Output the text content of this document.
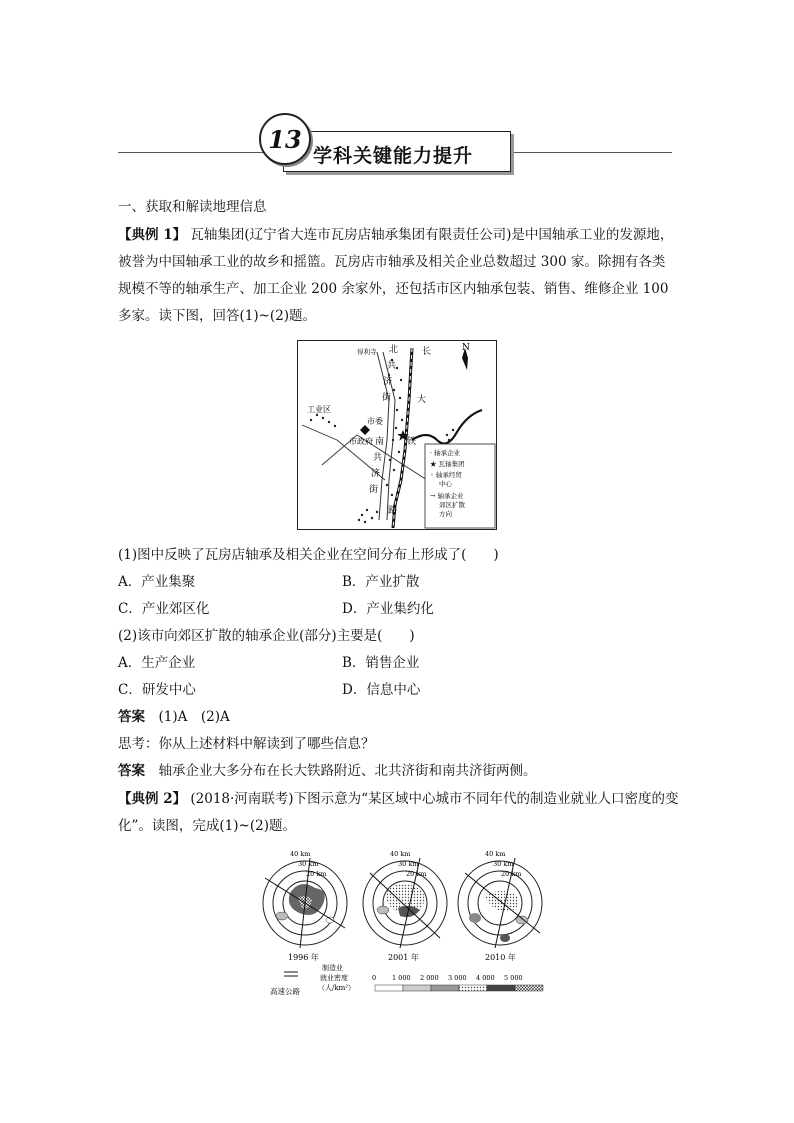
学科关键能力提升
13
一、获取和解读地理信息
【典例 1】 瓦轴集团(辽宁省大连市瓦房店轴承集团有限责任公司)是中国轴承工业的发源地，
被誉为中国轴承工业的故乡和摇篮。瓦房店市轴承及相关企业总数超过 300 家。除拥有各类
规模不等的轴承生产、加工企业 200 余家外，还包括市区内轴承包装、销售、维修企业 100
多家。读下图，回答(1)~(2)题。
N
得利寺 北
共
济
街
长
大
铁
路
工业区
市委
市政府 南
共
济
街
· 轴承企业
★ 瓦轴集团
◦ 轴承经贸
中心
→ 轴承企业
郊区扩散
方向
(1)图中反映了瓦房店轴承及相关企业在空间分布上形成了(　　)
A．产业集聚	B．产业扩散
C．产业郊区化	D．产业集约化
(2)该市向郊区扩散的轴承企业(部分)主要是(　　)
A．生产企业	B．销售企业
C．研发中心	D．信息中心
答案　 (1)A　(2)A
思考：你从上述材料中解读到了哪些信息？
答案　 轴承企业大多分布在长大铁路附近、北共济街和南共济街两侧。
【典例 2】 (2018·河南联考)下图示意为“某区域中心城市不同年代的制造业就业人口密度的变
化”。读图，完成(1)~(2)题。
1996 年	2001 年	2010 年
40 km
30 km
20 km
40 km
30 km
20 km
40 km
30 km
20 km
高速公路
制造业
就业密度
（人/km²）
0 1 000 2 000 3 000 4 000 5 000
